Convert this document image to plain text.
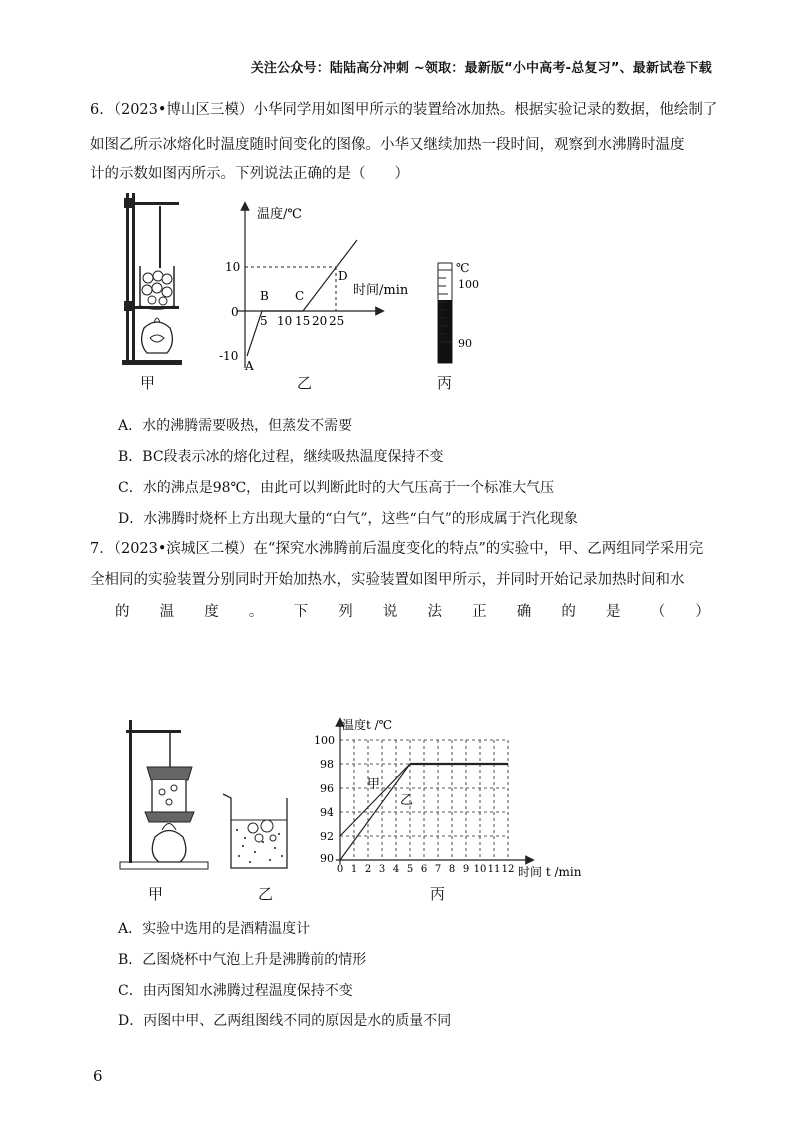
关注公众号：陆陆高分冲刺 ~领取：最新版“小中高考-总复习”、最新试卷下载
6．（2023•博山区三模）小华同学用如图甲所示的装置给冰加热。根据实验记录的数据，他绘制了
如图乙所示冰熔化时温度随时间变化的图像。小华又继续加热一段时间，观察到水沸腾时温度
计的示数如图丙所示。下列说法正确的是（　　）
甲
温度/℃
时间/min
10
0
-10
5 10 15 20 25
A
B C
D
乙
℃
100
90
丙
A．水的沸腾需要吸热，但蒸发不需要
B．BC段表示冰的熔化过程，继续吸热温度保持不变
C．水的沸点是98℃，由此可以判断此时的大气压高于一个标准大气压
D．水沸腾时烧杯上方出现大量的“白气”，这些“白气”的形成属于汽化现象
7．（2023•滨城区二模）在“探究水沸腾前后温度变化的特点”的实验中，甲、乙两组同学采用完
全相同的实验装置分别同时开始加热水，实验装置如图甲所示，并同时开始记录加热时间和水
的 温 度 。 下 列 说 法 正 确 的 是 （ ）
甲	乙
温度t /℃
时间 t /min
100
98
96
94
92
90
0 1 2 3 4 5 6 7 8 9 10 11 12
甲
乙
丙
A．实验中选用的是酒精温度计
B．乙图烧杯中气泡上升是沸腾前的情形
C．由丙图知水沸腾过程温度保持不变
D．丙图中甲、乙两组图线不同的原因是水的质量不同
6
